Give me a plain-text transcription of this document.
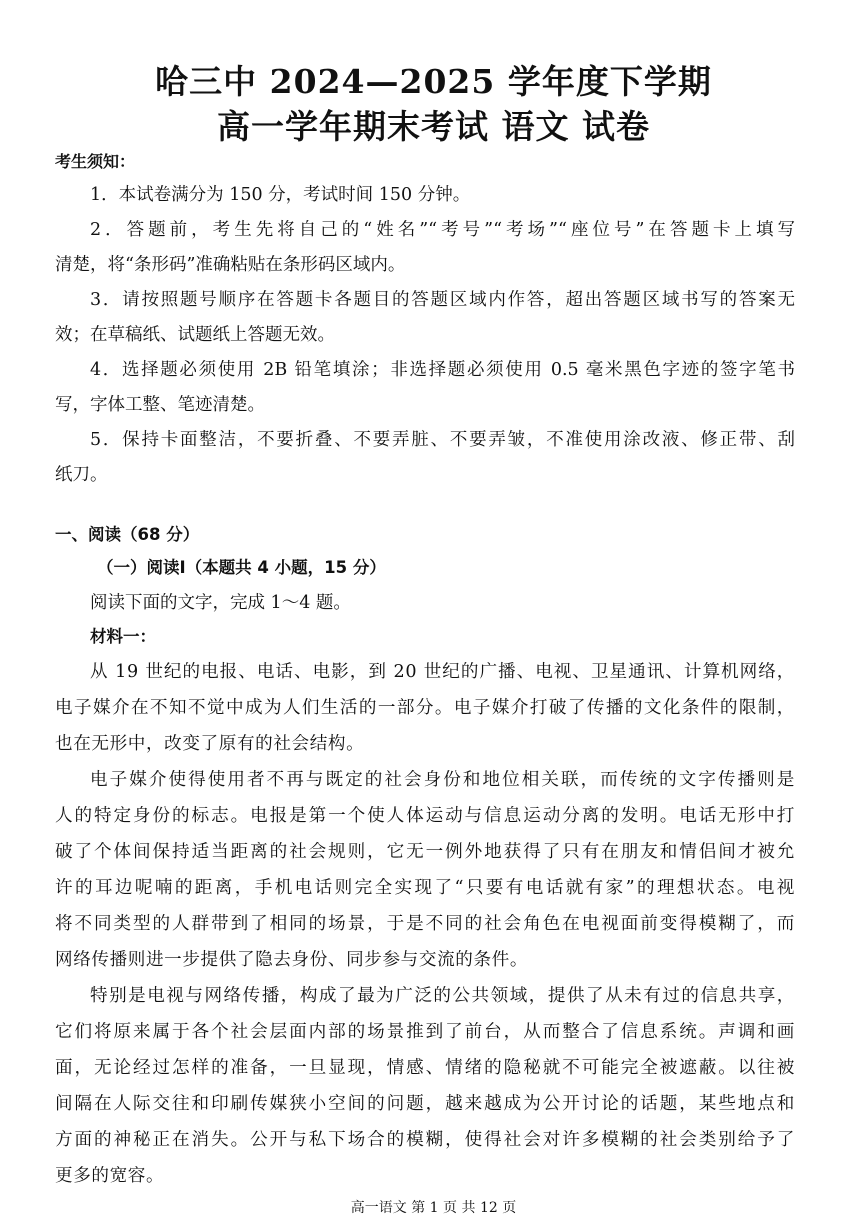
哈三中 2024—2025 学年度下学期
高一学年期末考试 语文 试卷
考生须知：
1．本试卷满分为 150 分，考试时间 150 分钟。
2．答题前，考生先将自己的“姓名”“考号”“考场”“座位号”在答题卡上填写
清楚，将“条形码”准确粘贴在条形码区域内。
3．请按照题号顺序在答题卡各题目的答题区域内作答，超出答题区域书写的答案无
效；在草稿纸、试题纸上答题无效。
4．选择题必须使用 2B 铅笔填涂；非选择题必须使用 0.5 毫米黑色字迹的签字笔书
写，字体工整、笔迹清楚。
5．保持卡面整洁，不要折叠、不要弄脏、不要弄皱，不准使用涂改液、修正带、刮
纸刀。
一、阅读（68 分）
（一）阅读Ⅰ（本题共 4 小题，15 分）
阅读下面的文字，完成 1～4 题。
材料一：
从 19 世纪的电报、电话、电影，到 20 世纪的广播、电视、卫星通讯、计算机网络，
电子媒介在不知不觉中成为人们生活的一部分。电子媒介打破了传播的文化条件的限制，
也在无形中，改变了原有的社会结构。
电子媒介使得使用者不再与既定的社会身份和地位相关联，而传统的文字传播则是
人的特定身份的标志。电报是第一个使人体运动与信息运动分离的发明。电话无形中打
破了个体间保持适当距离的社会规则，它无一例外地获得了只有在朋友和情侣间才被允
许的耳边呢喃的距离，手机电话则完全实现了“只要有电话就有家”的理想状态。电视
将不同类型的人群带到了相同的场景，于是不同的社会角色在电视面前变得模糊了，而
网络传播则进一步提供了隐去身份、同步参与交流的条件。
特别是电视与网络传播，构成了最为广泛的公共领域，提供了从未有过的信息共享，
它们将原来属于各个社会层面内部的场景推到了前台，从而整合了信息系统。声调和画
面，无论经过怎样的准备，一旦显现，情感、情绪的隐秘就不可能完全被遮蔽。以往被
间隔在人际交往和印刷传媒狭小空间的问题，越来越成为公开讨论的话题，某些地点和
方面的神秘正在消失。公开与私下场合的模糊，使得社会对许多模糊的社会类别给予了
更多的宽容。
高一语文 第 1 页 共 12 页
